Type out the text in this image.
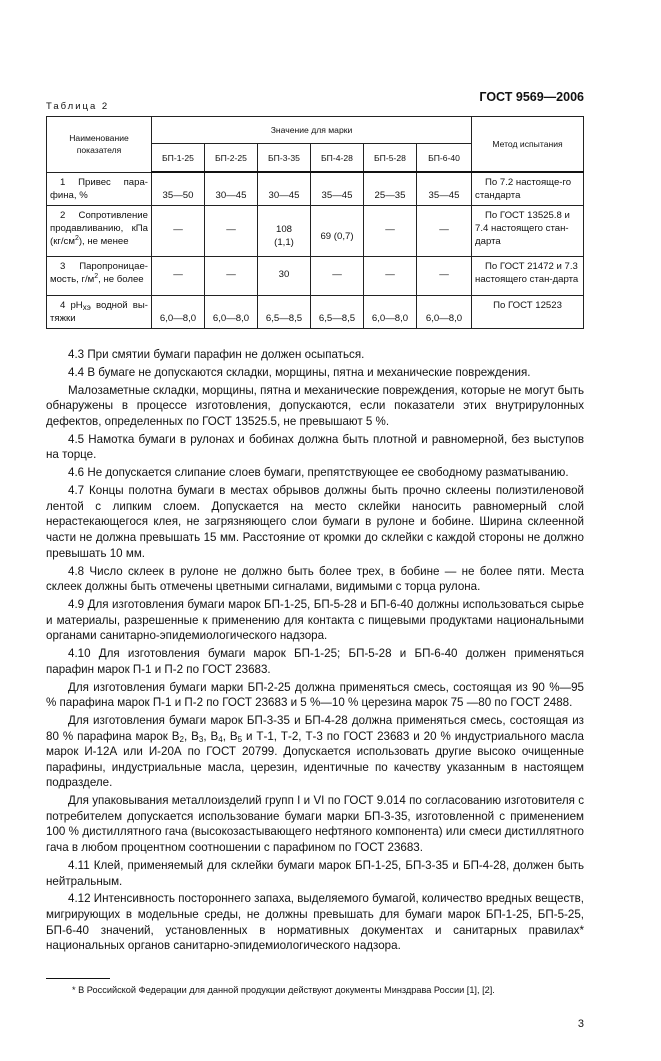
ГОСТ 9569—2006
Таблица 2
Наименование показателя	Значение для марки						Метод испытания
	БП-1-25	БП-2-25	БП-3-35	БП-4-28	БП-5-28	БП-6-40	

1 Привес пара-фина, %	35—50	30—45	30—45	35—45	25—35	35—45	По 7.2 настояще-го стандарта

2 Сопротивление продавливанию, кПа $(кг/см^2)$, не менее	—	—	108 (1,1)	69 (0,7)	—	—	По ГОСТ 13525.8 и 7.4 настоящего стан-дарта

3 Паропроницае-мость, $г/м^2$, не более	—	—	30	—	—	—	По ГОСТ 21472 и 7.3 настоящего стан-дарта

4 $pH_{хэ}$ водной вы-тяжки	6,0—8,0	6,0—8,0	6,5—8,5	6,5—8,5	6,0—8,0	6,0—8,0	По ГОСТ 12523

4.3 При смятии бумаги парафин не должен осыпаться.

4.4 В бумаге не допускаются складки, морщины, пятна и механические повреждения.

Малозаметные складки, морщины, пятна и механические повреждения, которые не могут быть обнаружены в процессе изготовления, допускаются, если показатели этих внутрирулонных дефектов, определенных по ГОСТ 13525.5, не превышают 5 %.

4.5 Намотка бумаги в рулонах и бобинах должна быть плотной и равномерной, без выступов на торце.

4.6 Не допускается слипание слоев бумаги, препятствующее ее свободному разматыванию.

4.7 Концы полотна бумаги в местах обрывов должны быть прочно склеены полиэтиленовой лентой с липким слоем. Допускается на место склейки наносить равномерный слой нерастекающегося клея, не загрязняющего слои бумаги в рулоне и бобине. Ширина склеенной части не должна превышать 15 мм. Расстояние от кромки до склейки с каждой стороны не должно превышать 10 мм.

4.8 Число склеек в рулоне не должно быть более трех, в бобине — не более пяти. Места склеек должны быть отмечены цветными сигналами, видимыми с торца рулона.

4.9 Для изготовления бумаги марок БП-1-25, БП-5-28 и БП-6-40 должны использоваться сырье и материалы, разрешенные к применению для контакта с пищевыми продуктами национальными органами санитарно-эпидемиологического надзора.

4.10 Для изготовления бумаги марок БП-1-25; БП-5-28 и БП-6-40 должен применяться парафин марок П-1 и П-2 по ГОСТ 23683.

Для изготовления бумаги марки БП-2-25 должна применяться смесь, состоящая из 90 %—95 % парафина марок П-1 и П-2 по ГОСТ 23683 и 5 %—10 % церезина марок 75 —80 по ГОСТ 2488.

Для изготовления бумаги марок БП-3-35 и БП-4-28 должна применяться смесь, состоящая из 80 % парафина марок $В_2$, $В_3$, $В_4$, $В_5$ и Т-1, Т-2, Т-3 по ГОСТ 23683 и 20 % индустриального масла марок И-12А или И-20А по ГОСТ 20799. Допускается использовать другие высоко очищенные парафины, индустриальные масла, церезин, идентичные по качеству указанным в настоящем подразделе.

Для упаковывания металлоизделий групп I и VI по ГОСТ 9.014 по согласованию изготовителя с потребителем допускается использование бумаги марки БП-3-35, изготовленной с применением 100 % дистиллятного гача (высокозастывающего нефтяного компонента) или смеси дистиллятного гача в любом процентном соотношении с парафином по ГОСТ 23683.

4.11 Клей, применяемый для склейки бумаги марок БП-1-25, БП-3-35 и БП-4-28, должен быть нейтральным.

4.12 Интенсивность постороннего запаха, выделяемого бумагой, количество вредных веществ, мигрирующих в модельные среды, не должны превышать для бумаги марок БП-1-25, БП-5-25, БП-6-40 значений, установленных в нормативных документах и санитарных правилах* национальных органов санитарно-эпидемиологического надзора.

* В Российской Федерации для данной продукции действуют документы Минздрава России [1], [2].
3
